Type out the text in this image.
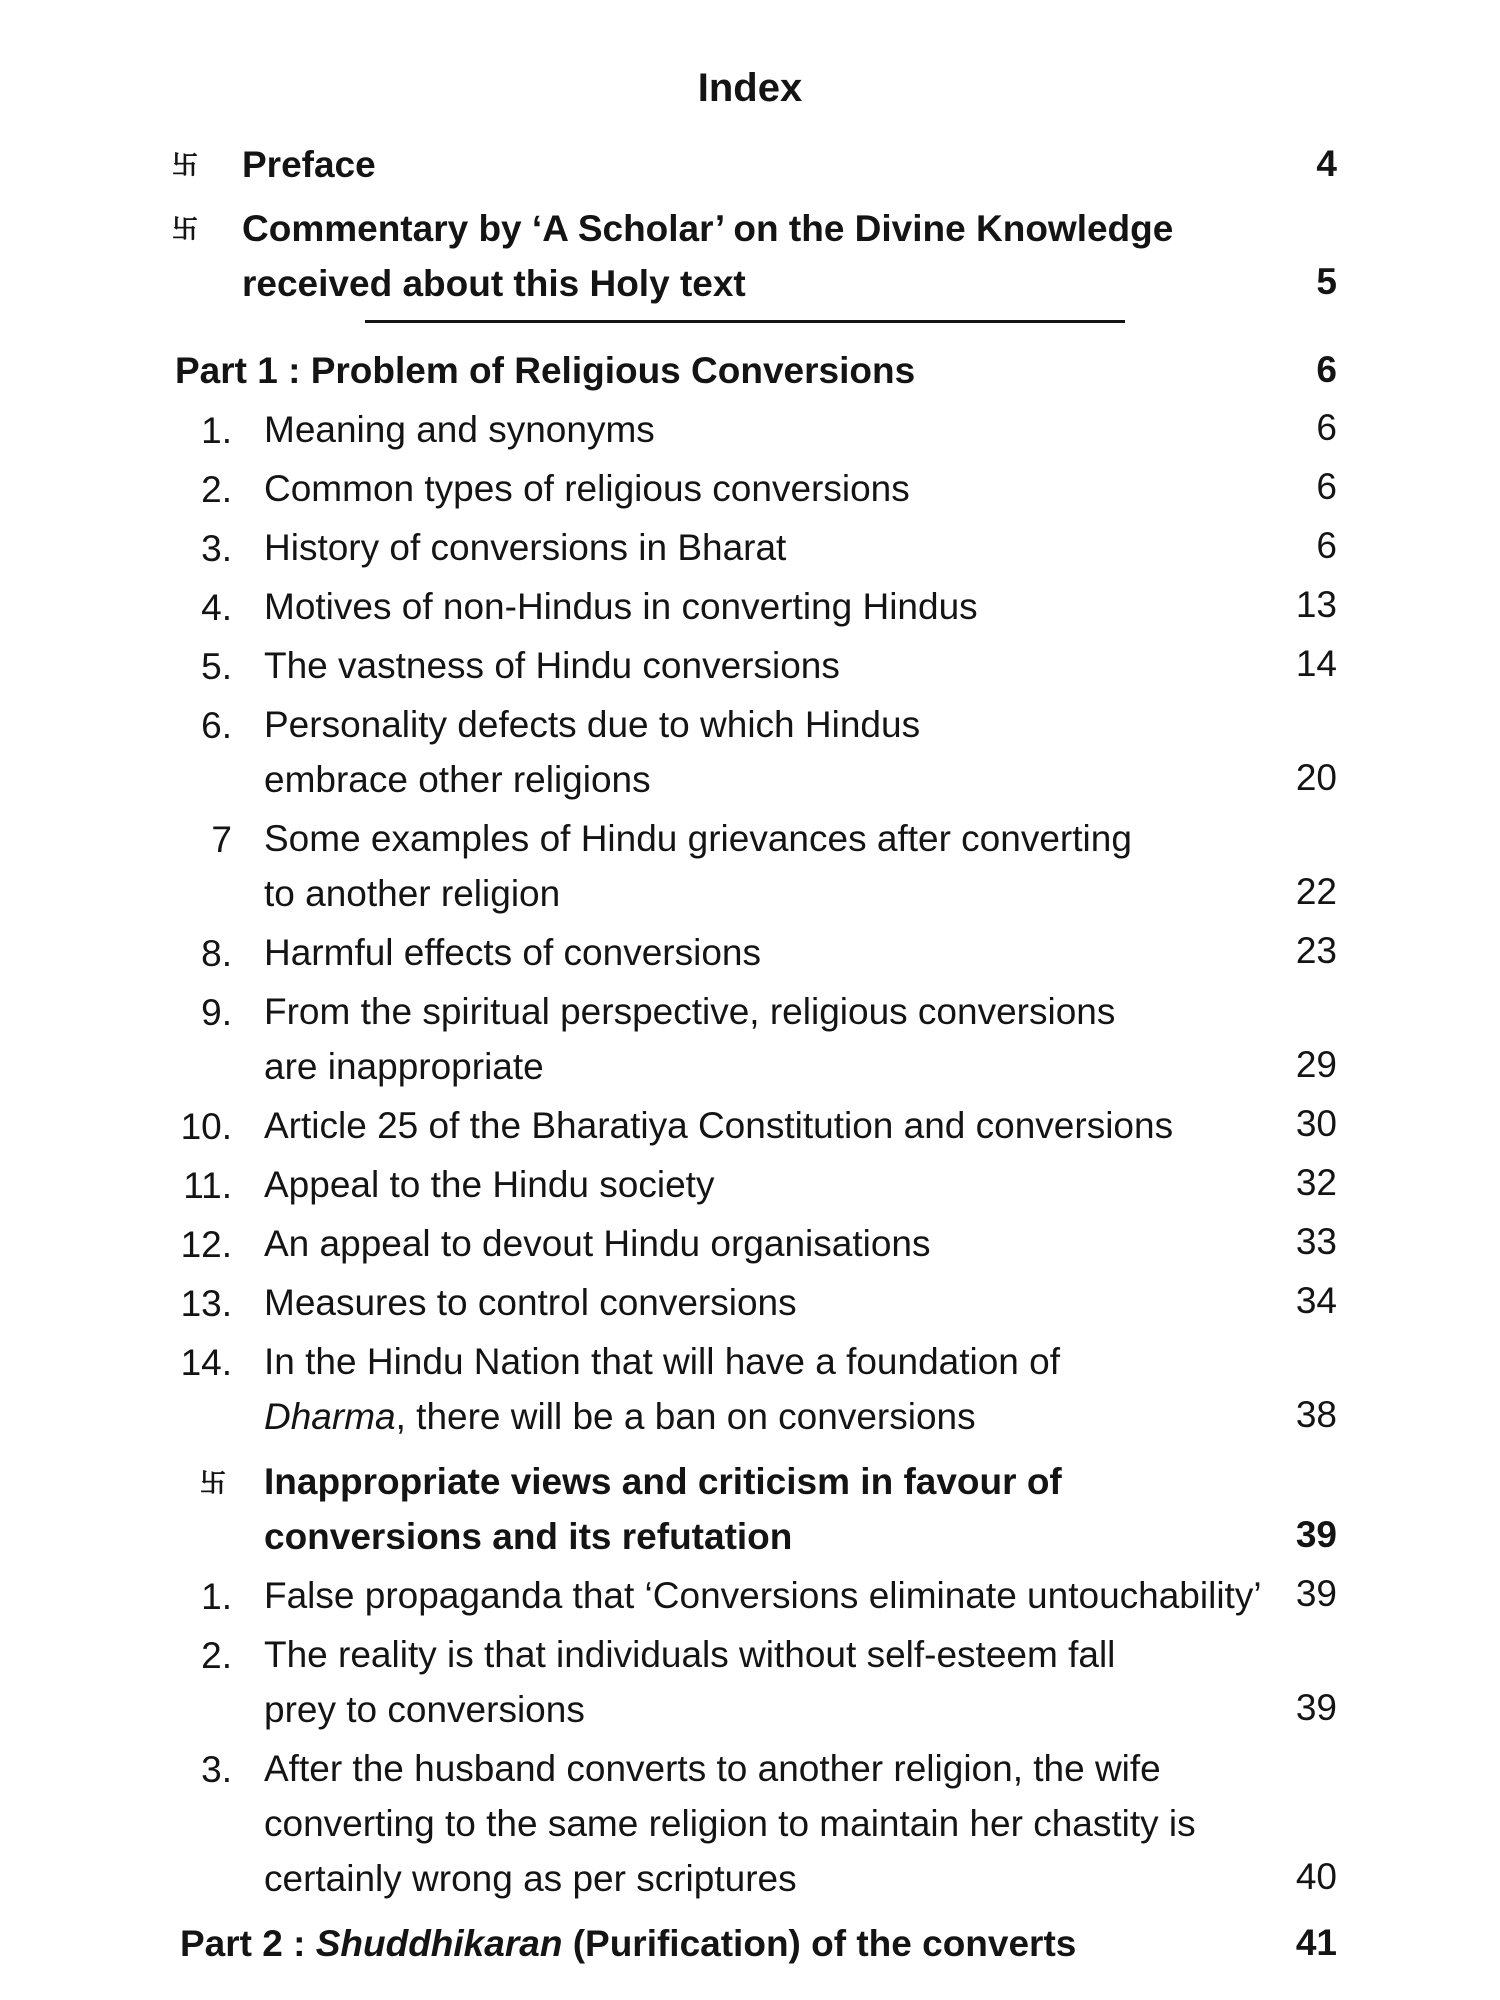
Index
卐 Preface	4
卐 Commentary by ‘A Scholar’ on the Divine Knowledge
received about this Holy text	5
Part 1 : Problem of Religious Conversions	6
1. Meaning and synonyms	6
2. Common types of religious conversions	6
3. History of conversions in Bharat	6
4. Motives of non-Hindus in converting Hindus	13
5. The vastness of Hindu conversions	14
6. Personality defects due to which Hindus
embrace other religions	20
7 Some examples of Hindu grievances after converting
to another religion	22
8. Harmful effects of conversions	23
9. From the spiritual perspective, religious conversions
are inappropriate	29
10. Article 25 of the Bharatiya Constitution and conversions	30
11. Appeal to the Hindu society	32
12. An appeal to devout Hindu organisations	33
13. Measures to control conversions	34
14. In the Hindu Nation that will have a foundation of
Dharma, there will be a ban on conversions	38
卐 Inappropriate views and criticism in favour of
conversions and its refutation	39
1. False propaganda that ‘Conversions eliminate untouchability’ 39
2. The reality is that individuals without self-esteem fall
prey to conversions	39
3. After the husband converts to another religion, the wife
converting to the same religion to maintain her chastity is
certainly wrong as per scriptures	40
Part 2 : Shuddhikaran (Purification) of the converts	41
